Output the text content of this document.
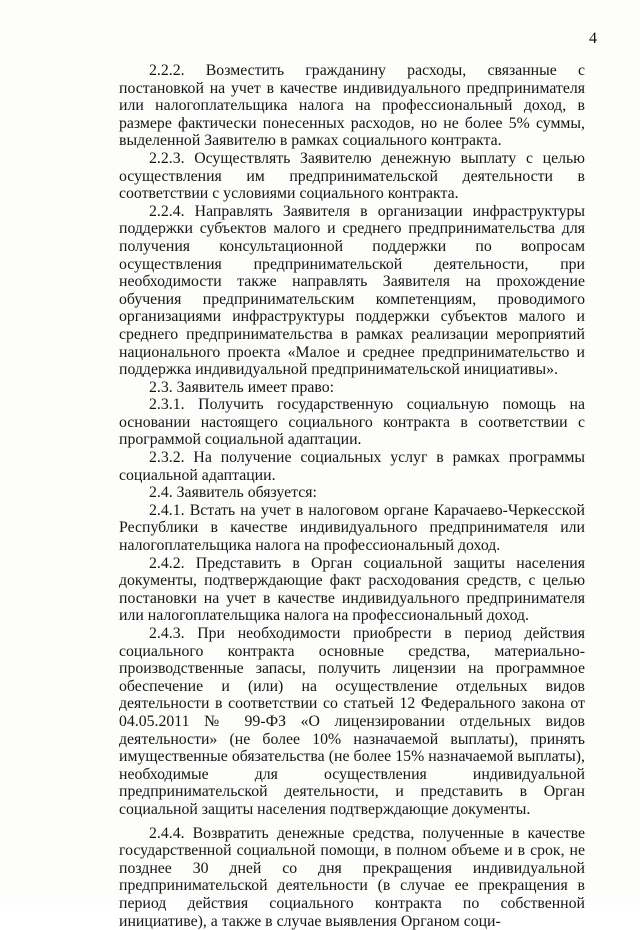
4

2.2.2. Возместить гражданину расходы, связанные с постановкой на учет в качестве индивидуального предпринимателя или налогоплательщика налога на профессиональный доход, в размере фактически понесенных расходов, но не более 5% суммы, выделенной Заявителю в рамках социального контракта.

2.2.3. Осуществлять Заявителю денежную выплату с целью осуществления им предпринимательской деятельности в соответствии с условиями социального контракта.

2.2.4. Направлять Заявителя в организации инфраструктуры поддержки субъектов малого и среднего предпринимательства для получения консультационной поддержки по вопросам осуществления предпринимательской деятельности, при необходимости также направлять Заявителя на прохождение обучения предпринимательским компетенциям, проводимого организациями инфраструктуры поддержки субъектов малого и среднего предпринимательства в рамках реализации мероприятий национального проекта «Малое и среднее предпринимательство и поддержка индивидуальной предпринимательской инициативы».

2.3. Заявитель имеет право:

2.3.1. Получить государственную социальную помощь на основании настоящего социального контракта в соответствии с программой социальной адаптации.

2.3.2. На получение социальных услуг в рамках программы социальной адаптации.

2.4. Заявитель обязуется:

2.4.1. Встать на учет в налоговом органе Карачаево-Черкесской Республики в качестве индивидуального предпринимателя или налогоплательщика налога на профессиональный доход.

2.4.2. Представить в Орган социальной защиты населения документы, подтверждающие факт расходования средств, с целью постановки на учет в качестве индивидуального предпринимателя или налогоплательщика налога на профессиональный доход.

2.4.3. При необходимости приобрести в период действия социального контракта основные средства, материально-производственные запасы, получить лицензии на программное обеспечение и (или) на осуществление отдельных видов деятельности в соответствии со статьей 12 Федерального закона от 04.05.2011 № 99-ФЗ «О лицензировании отдельных видов деятельности» (не более 10% назначаемой выплаты), принять имущественные обязательства (не более 15% назначаемой выплаты), необходимые для осуществления индивидуальной предпринимательской деятельности, и представить в Орган социальной защиты населения подтверждающие документы.

2.4.4. Возвратить денежные средства, полученные в качестве государственной социальной помощи, в полном объеме и в срок, не позднее 30 дней со дня прекращения индивидуальной предпринимательской деятельности (в случае ее прекращения в период действия социального контракта по собственной инициативе), а также в случае выявления Органом соци-
